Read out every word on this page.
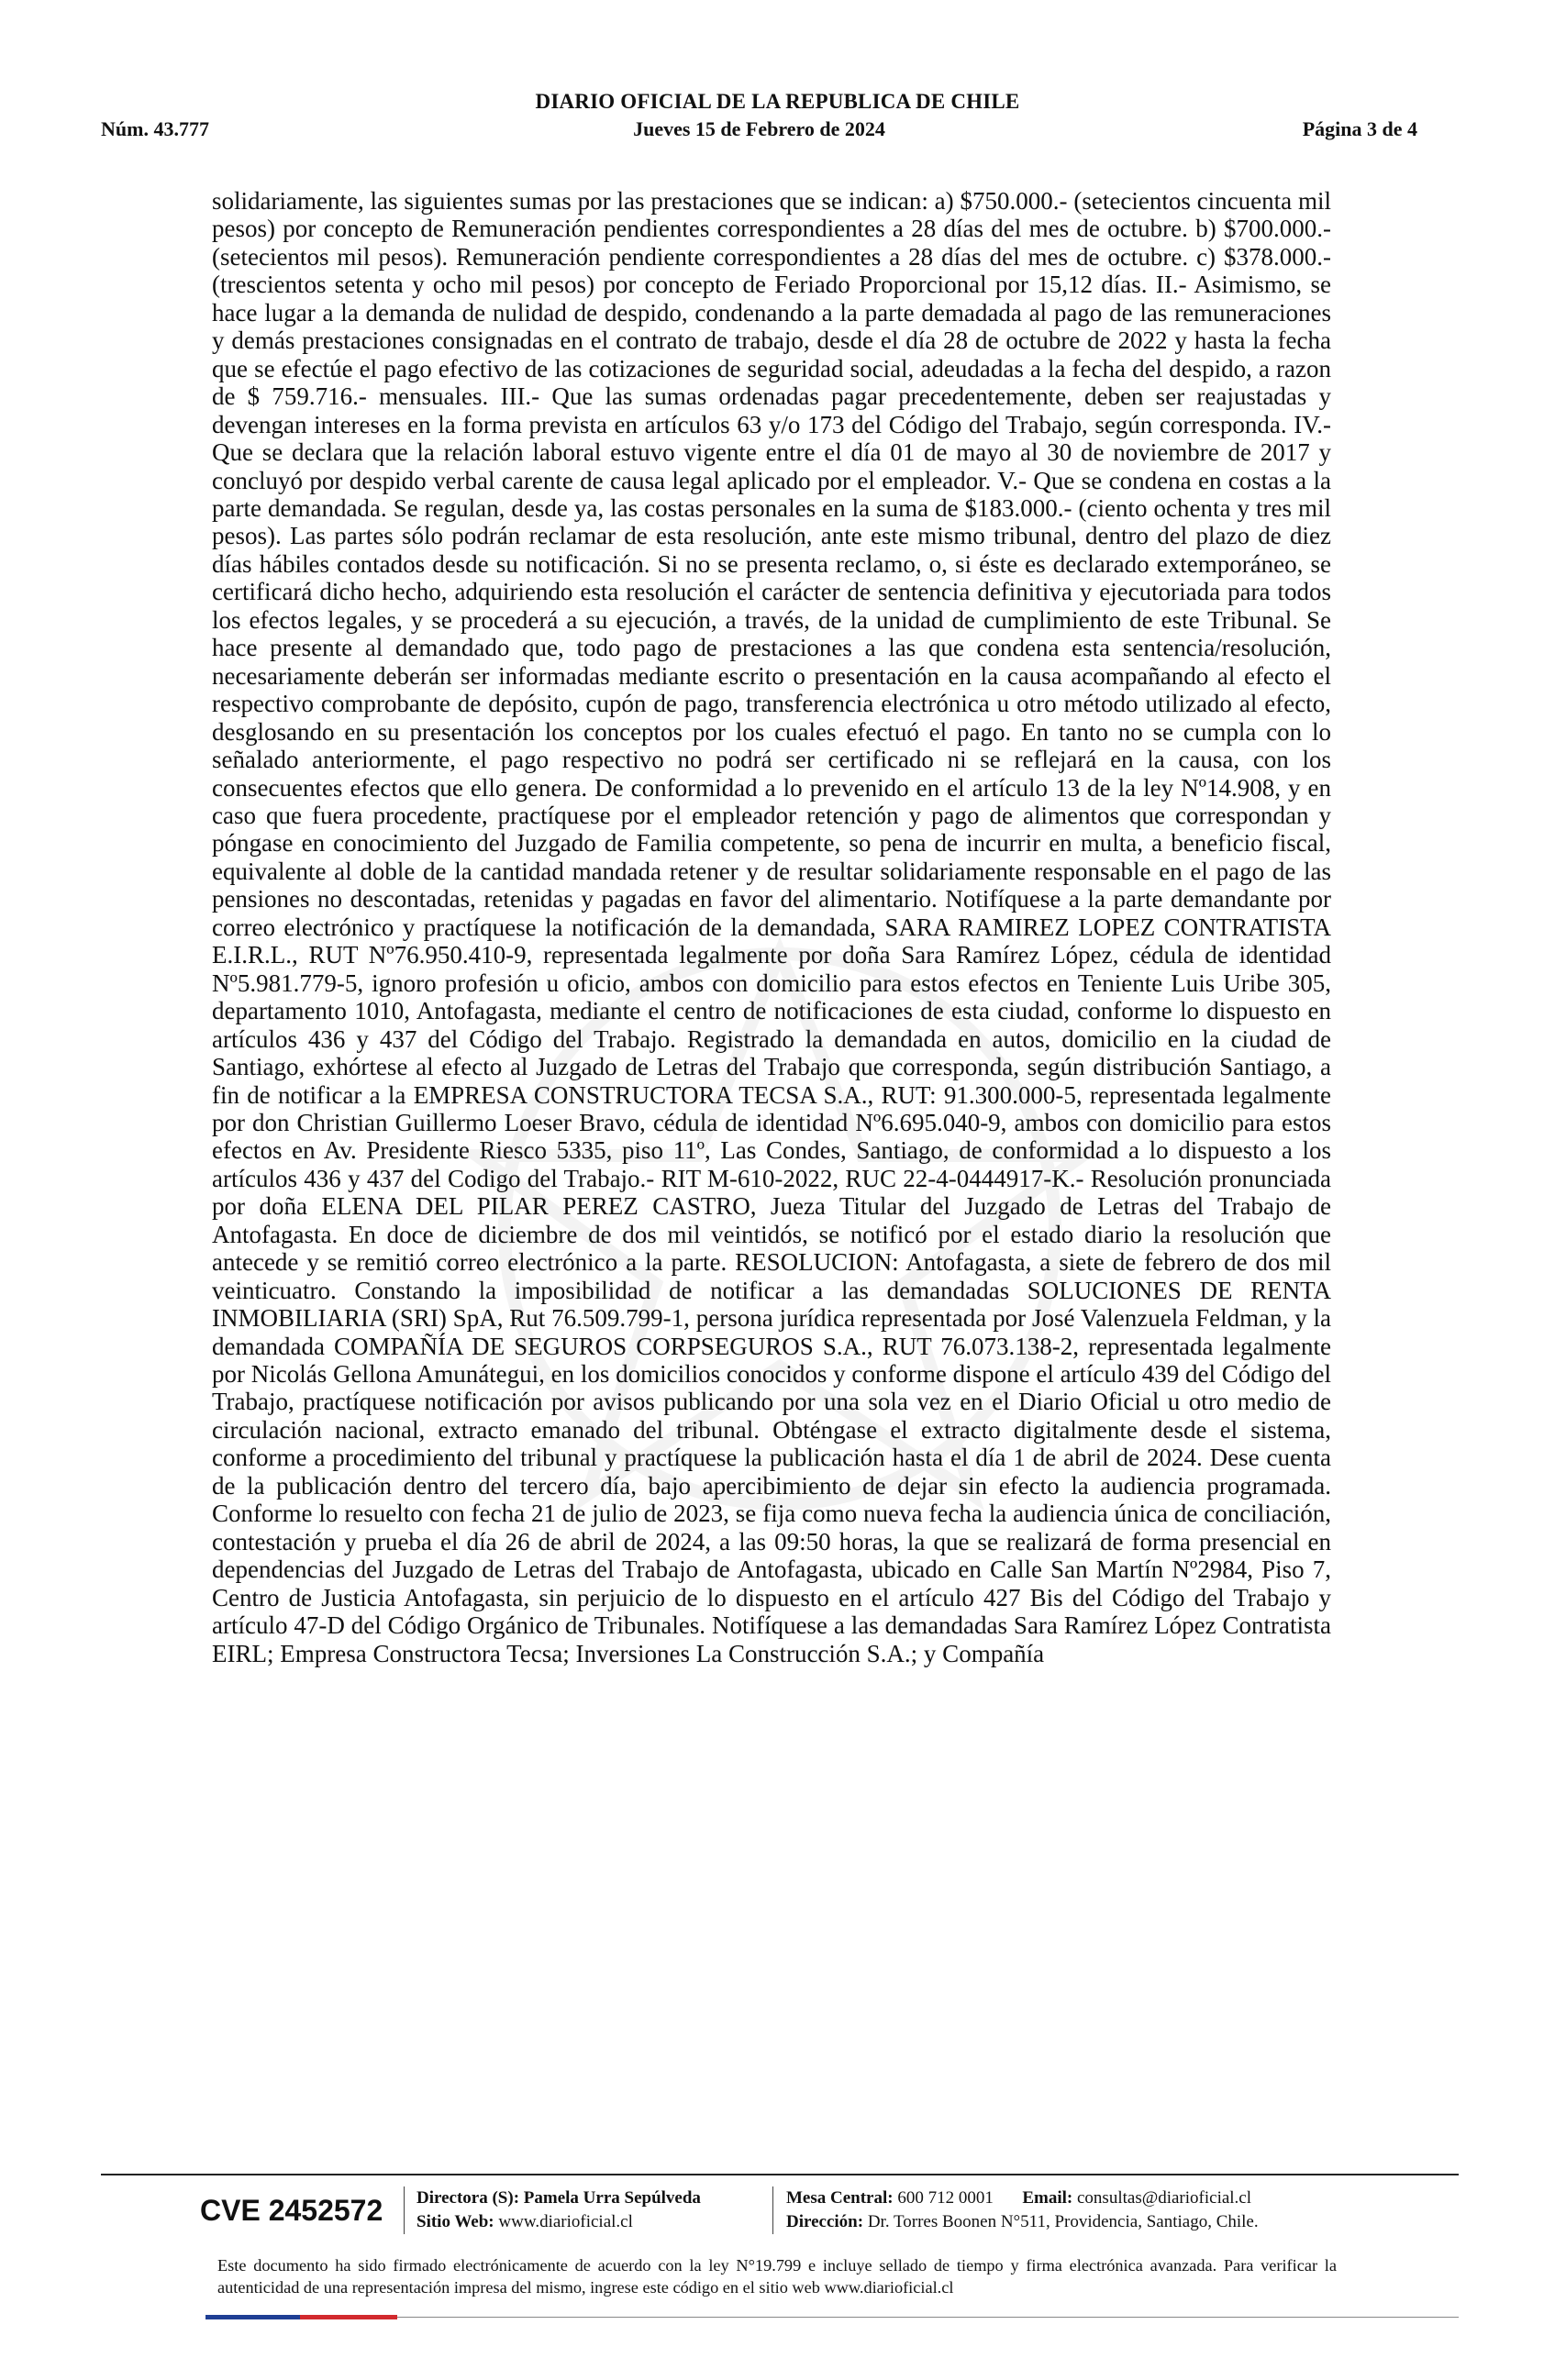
DIARIO OFICIAL DE LA REPUBLICA DE CHILE
Núm. 43.777	Jueves 15 de Febrero de 2024	Página 3 de 4
solidariamente, las siguientes sumas por las prestaciones que se indican: a) $750.000.- (setecientos cincuenta mil pesos) por concepto de Remuneración pendientes correspondientes a 28 días del mes de octubre. b) $700.000.- (setecientos mil pesos). Remuneración pendiente correspondientes a 28 días del mes de octubre. c) $378.000.- (trescientos setenta y ocho mil pesos) por concepto de Feriado Proporcional por 15,12 días. II.- Asimismo, se hace lugar a la demanda de nulidad de despido, condenando a la parte demadada al pago de las remuneraciones y demás prestaciones consignadas en el contrato de trabajo, desde el día 28 de octubre de 2022 y hasta la fecha que se efectúe el pago efectivo de las cotizaciones de seguridad social, adeudadas a la fecha del despido, a razon de $ 759.716.- mensuales. III.- Que las sumas ordenadas pagar precedentemente, deben ser reajustadas y devengan intereses en la forma prevista en artículos 63 y/o 173 del Código del Trabajo, según corresponda. IV.- Que se declara que la relación laboral estuvo vigente entre el día 01 de mayo al 30 de noviembre de 2017 y concluyó por despido verbal carente de causa legal aplicado por el empleador. V.- Que se condena en costas a la parte demandada. Se regulan, desde ya, las costas personales en la suma de $183.000.- (ciento ochenta y tres mil pesos). Las partes sólo podrán reclamar de esta resolución, ante este mismo tribunal, dentro del plazo de diez días hábiles contados desde su notificación. Si no se presenta reclamo, o, si éste es declarado extemporáneo, se certificará dicho hecho, adquiriendo esta resolución el carácter de sentencia definitiva y ejecutoriada para todos los efectos legales, y se procederá a su ejecución, a través, de la unidad de cumplimiento de este Tribunal. Se hace presente al demandado que, todo pago de prestaciones a las que condena esta sentencia/resolución, necesariamente deberán ser informadas mediante escrito o presentación en la causa acompañando al efecto el respectivo comprobante de depósito, cupón de pago, transferencia electrónica u otro método utilizado al efecto, desglosando en su presentación los conceptos por los cuales efectuó el pago. En tanto no se cumpla con lo señalado anteriormente, el pago respectivo no podrá ser certificado ni se reflejará en la causa, con los consecuentes efectos que ello genera. De conformidad a lo prevenido en el artículo 13 de la ley Nº14.908, y en caso que fuera procedente, practíquese por el empleador retención y pago de alimentos que correspondan y póngase en conocimiento del Juzgado de Familia competente, so pena de incurrir en multa, a beneficio fiscal, equivalente al doble de la cantidad mandada retener y de resultar solidariamente responsable en el pago de las pensiones no descontadas, retenidas y pagadas en favor del alimentario. Notifíquese a la parte demandante por correo electrónico y practíquese la notificación de la demandada, SARA RAMIREZ LOPEZ CONTRATISTA E.I.R.L., RUT Nº76.950.410-9, representada legalmente por doña Sara Ramírez López, cédula de identidad Nº5.981.779-5, ignoro profesión u oficio, ambos con domicilio para estos efectos en Teniente Luis Uribe 305, departamento 1010, Antofagasta, mediante el centro de notificaciones de esta ciudad, conforme lo dispuesto en artículos 436 y 437 del Código del Trabajo. Registrado la demandada en autos, domicilio en la ciudad de Santiago, exhórtese al efecto al Juzgado de Letras del Trabajo que corresponda, según distribución Santiago, a fin de notificar a la EMPRESA CONSTRUCTORA TECSA S.A., RUT: 91.300.000-5, representada legalmente por don Christian Guillermo Loeser Bravo, cédula de identidad Nº6.695.040-9, ambos con domicilio para estos efectos en Av. Presidente Riesco 5335, piso 11º, Las Condes, Santiago, de conformidad a lo dispuesto a los artículos 436 y 437 del Codigo del Trabajo.- RIT M-610-2022, RUC 22-4-0444917-K.- Resolución pronunciada por doña ELENA DEL PILAR PEREZ CASTRO, Jueza Titular del Juzgado de Letras del Trabajo de Antofagasta. En doce de diciembre de dos mil veintidós, se notificó por el estado diario la resolución que antecede y se remitió correo electrónico a la parte. RESOLUCION: Antofagasta, a siete de febrero de dos mil veinticuatro. Constando la imposibilidad de notificar a las demandadas SOLUCIONES DE RENTA INMOBILIARIA (SRI) SpA, Rut 76.509.799-1, persona jurídica representada por José Valenzuela Feldman, y la demandada COMPAÑÍA DE SEGUROS CORPSEGUROS S.A., RUT 76.073.138-2, representada legalmente por Nicolás Gellona Amunátegui, en los domicilios conocidos y conforme dispone el artículo 439 del Código del Trabajo, practíquese notificación por avisos publicando por una sola vez en el Diario Oficial u otro medio de circulación nacional, extracto emanado del tribunal. Obténgase el extracto digitalmente desde el sistema, conforme a procedimiento del tribunal y practíquese la publicación hasta el día 1 de abril de 2024. Dese cuenta de la publicación dentro del tercero día, bajo apercibimiento de dejar sin efecto la audiencia programada. Conforme lo resuelto con fecha 21 de julio de 2023, se fija como nueva fecha la audiencia única de conciliación, contestación y prueba el día 26 de abril de 2024, a las 09:50 horas, la que se realizará de forma presencial en dependencias del Juzgado de Letras del Trabajo de Antofagasta, ubicado en Calle San Martín Nº2984, Piso 7, Centro de Justicia Antofagasta, sin perjuicio de lo dispuesto en el artículo 427 Bis del Código del Trabajo y artículo 47-D del Código Orgánico de Tribunales. Notifíquese a las demandadas Sara Ramírez López Contratista EIRL; Empresa Constructora Tecsa; Inversiones La Construcción S.A.; y Compañía
CVE 2452572	Directora (S): Pamela Urra Sepúlveda
Sitio Web: www.diarioficial.cl
Mesa Central: 600 712 0001 Email: consultas@diarioficial.cl
Dirección: Dr. Torres Boonen N°511, Providencia, Santiago, Chile.
Este documento ha sido firmado electrónicamente de acuerdo con la ley N°19.799 e incluye sellado de tiempo y firma electrónica avanzada. Para verificar la autenticidad de una representación impresa del mismo, ingrese este código en el sitio web www.diarioficial.cl
